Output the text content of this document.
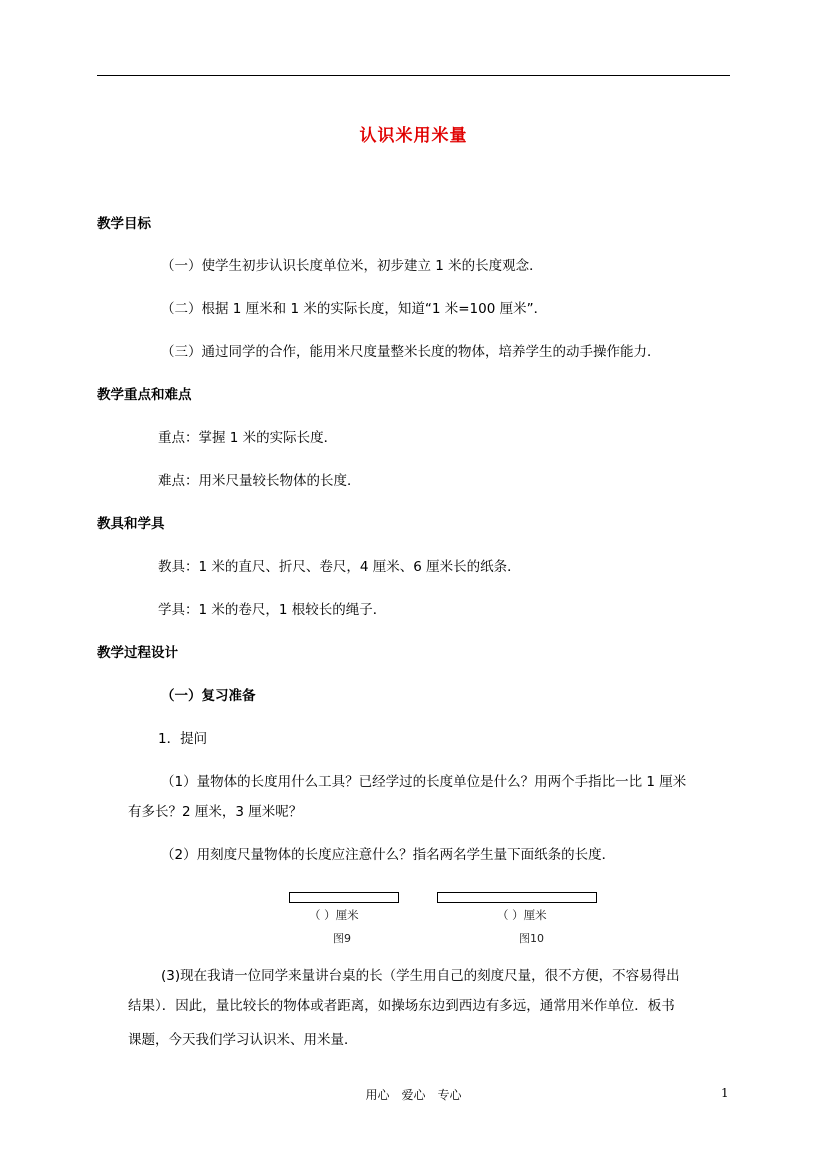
认识米用米量
教学目标
（一）使学生初步认识长度单位米，初步建立 1 米的长度观念．
（二）根据 1 厘米和 1 米的实际长度，知道“1 米=100 厘米”．
（三）通过同学的合作，能用米尺度量整米长度的物体，培养学生的动手操作能力．
教学重点和难点
重点：掌握 1 米的实际长度．
难点：用米尺量较长物体的长度．
教具和学具
教具：1 米的直尺、折尺、卷尺，4 厘米、6 厘米长的纸条．
学具：1 米的卷尺，1 根较长的绳子．
教学过程设计
（一）复习准备
1．提问
（1）量物体的长度用什么工具？已经学过的长度单位是什么？用两个手指比一比 1 厘米
有多长？2 厘米，3 厘米呢？
（2）用刻度尺量物体的长度应注意什么？指名两名学生量下面纸条的长度．
（ ）厘米
图9
（ ）厘米
图10
(3)现在我请一位同学来量讲台桌的长（学生用自己的刻度尺量，很不方便，不容易得出
结果）．因此，量比较长的物体或者距离，如操场东边到西边有多远，通常用米作单位．板书
课题，今天我们学习认识米、用米量．
用心　爱心　专心	1
